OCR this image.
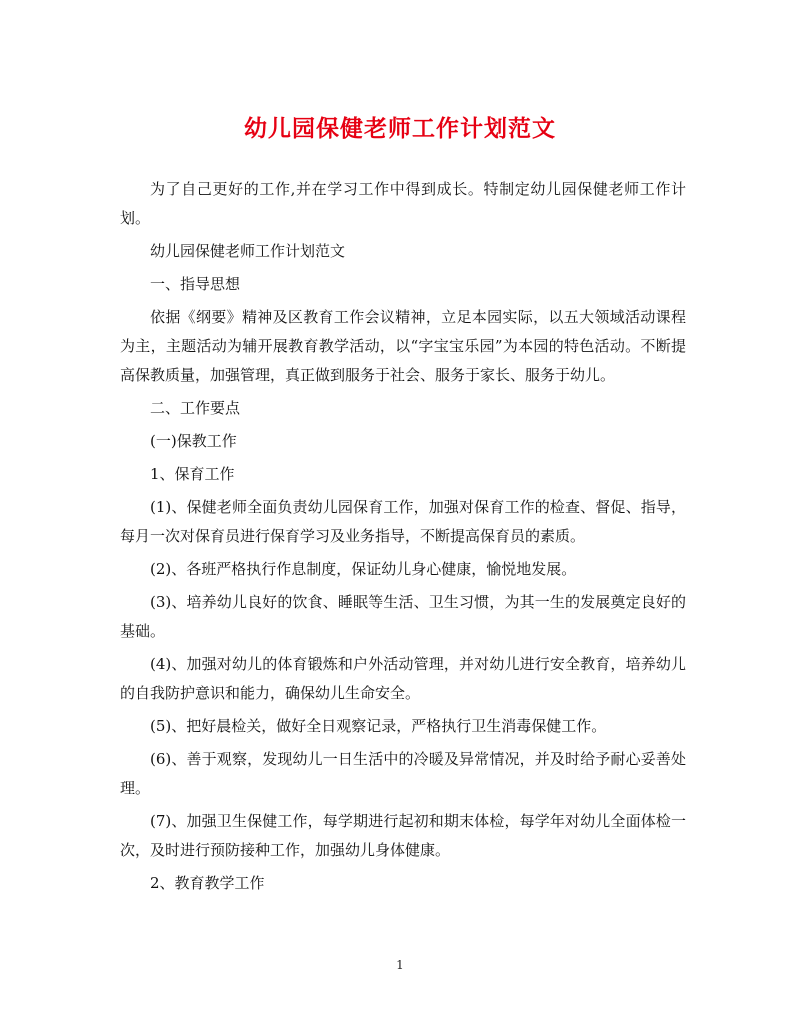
幼儿园保健老师工作计划范文

为了自己更好的工作,并在学习工作中得到成长。特制定幼儿园保健老师工作计划。

幼儿园保健老师工作计划范文

一、指导思想

依据《纲要》精神及区教育工作会议精神，立足本园实际，以五大领域活动课程为主，主题活动为辅开展教育教学活动，以“字宝宝乐园”为本园的特色活动。不断提高保教质量，加强管理，真正做到服务于社会、服务于家长、服务于幼儿。

二、工作要点

(一)保教工作

1、保育工作

(1)、保健老师全面负责幼儿园保育工作，加强对保育工作的检查、督促、指导，每月一次对保育员进行保育学习及业务指导，不断提高保育员的素质。

(2)、各班严格执行作息制度，保证幼儿身心健康，愉悦地发展。

(3)、培养幼儿良好的饮食、睡眠等生活、卫生习惯，为其一生的发展奠定良好的基础。

(4)、加强对幼儿的体育锻炼和户外活动管理，并对幼儿进行安全教育，培养幼儿的自我防护意识和能力，确保幼儿生命安全。

(5)、把好晨检关，做好全日观察记录，严格执行卫生消毒保健工作。

(6)、善于观察，发现幼儿一日生活中的冷暖及异常情况，并及时给予耐心妥善处理。

(7)、加强卫生保健工作，每学期进行起初和期末体检，每学年对幼儿全面体检一次，及时进行预防接种工作，加强幼儿身体健康。

2、教育教学工作

1
